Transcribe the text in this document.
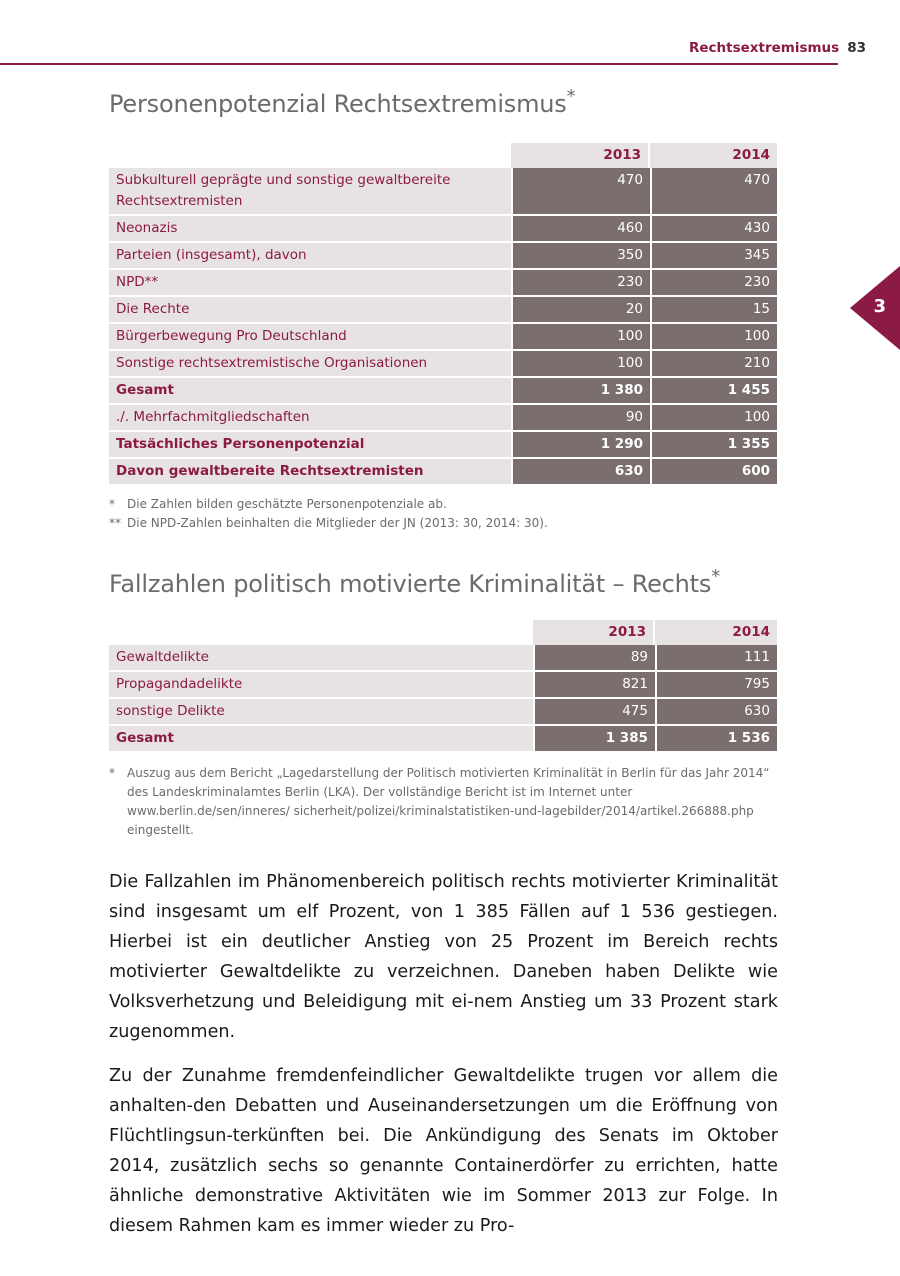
Rechtsextremismus 83
3
Personenpotenzial Rechtsextremismus*
	2013	2014
Subkulturell geprägte und sonstige gewaltbereite Rechtsextremisten	470	470
Neonazis	460	430
Parteien (insgesamt), davon	350	345
NPD**	230	230
Die Rechte	20	15
Bürgerbewegung Pro Deutschland	100	100
Sonstige rechtsextremistische Organisationen	100	210
Gesamt	1 380	1 455
./. Mehrfachmitgliedschaften	90	100
Tatsächliches Personenpotenzial	1 290	1 355
Davon gewaltbereite Rechtsextremisten	630	600
*	Die Zahlen bilden geschätzte Personenpotenziale ab.
** Die NPD-Zahlen beinhalten die Mitglieder der JN (2013: 30, 2014: 30).
Fallzahlen politisch motivierte Kriminalität – Rechts*
	2013	2014
Gewaltdelikte	89	111
Propagandadelikte	821	795
sonstige Delikte	475	630
Gesamt	1 385	1 536
*	Auszug aus dem Bericht „Lagedarstellung der Politisch motivierten Kriminalität in Berlin für das Jahr 2014“ des Landeskriminalamtes Berlin (LKA). Der vollständige Bericht ist im Internet unter www.berlin.de/sen/inneres/ sicherheit/polizei/kriminalstatistiken-und-lagebilder/2014/artikel.266888.php eingestellt.

Die Fallzahlen im Phänomenbereich politisch rechts motivierter Kriminalität sind insgesamt um elf Prozent, von 1 385 Fällen auf 1 536 gestiegen. Hierbei ist ein deutlicher Anstieg von 25 Prozent im Bereich rechts motivierter Gewaltdelikte zu verzeichnen. Daneben haben Delikte wie Volksverhetzung und Beleidigung mit ei-nem Anstieg um 33 Prozent stark zugenommen.

Zu der Zunahme fremdenfeindlicher Gewaltdelikte trugen vor allem die anhalten-den Debatten und Auseinandersetzungen um die Eröffnung von Flüchtlingsun-terkünften bei. Die Ankündigung des Senats im Oktober 2014, zusätzlich sechs so genannte Containerdörfer zu errichten, hatte ähnliche demonstrative Aktivitäten wie im Sommer 2013 zur Folge. In diesem Rahmen kam es immer wieder zu Pro-
